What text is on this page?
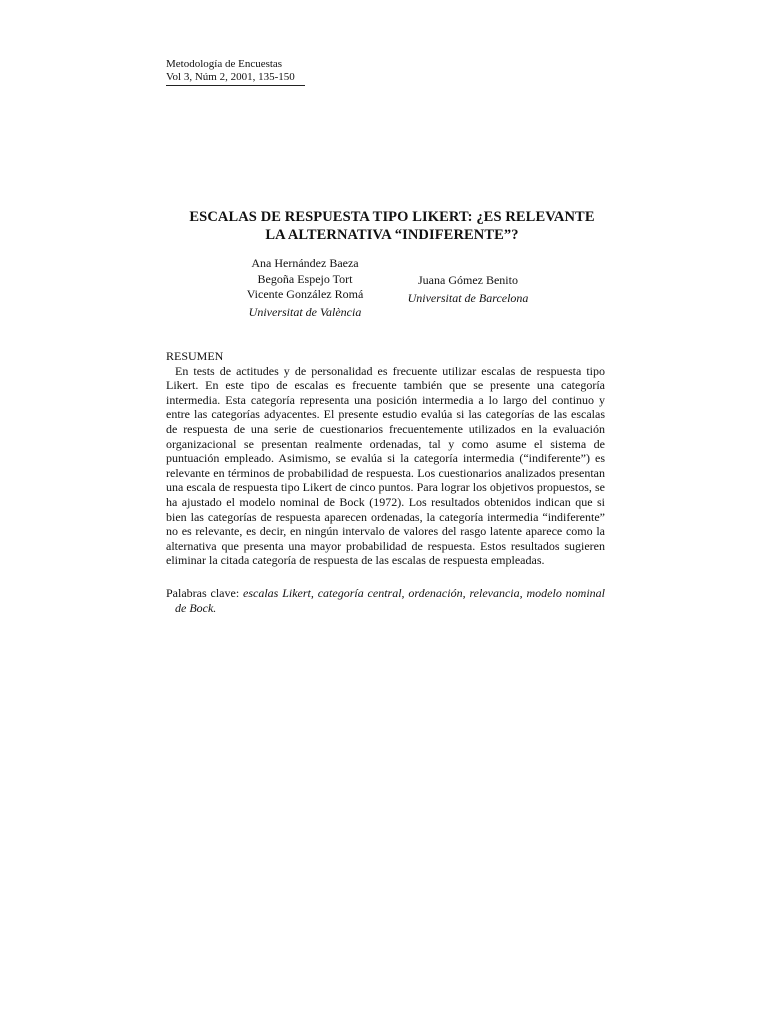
Metodología de Encuestas
Vol 3, Núm 2, 2001, 135-150
ESCALAS DE RESPUESTA TIPO LIKERT: ¿ES RELEVANTE
LA ALTERNATIVA “INDIFERENTE”?
Ana Hernández Baeza
Begoña Espejo Tort
Vicente González Romá
Universitat de València
Juana Gómez Benito
Universitat de Barcelona
RESUMEN

En tests de actitudes y de personalidad es frecuente utilizar escalas de respuesta tipo Likert. En este tipo de escalas es frecuente también que se presente una categoría intermedia. Esta categoría representa una posición intermedia a lo largo del continuo y entre las categorías adyacentes. El presente estudio evalúa si las categorías de las escalas de respuesta de una serie de cuestionarios frecuentemente utilizados en la evaluación organizacional se presentan realmente ordenadas, tal y como asume el sistema de puntuación empleado. Asimismo, se evalúa si la categoría intermedia (“indiferente”) es relevante en términos de probabilidad de respuesta. Los cuestionarios analizados presentan una escala de respuesta tipo Likert de cinco puntos. Para lograr los objetivos propuestos, se ha ajustado el modelo nominal de Bock (1972). Los resultados obtenidos indican que si bien las categorías de respuesta aparecen ordenadas, la categoría intermedia “indiferente” no es relevante, es decir, en ningún intervalo de valores del rasgo latente aparece como la alternativa que presenta una mayor probabilidad de respuesta. Estos resultados sugieren eliminar la citada categoría de respuesta de las escalas de respuesta empleadas.

Palabras clave: escalas Likert, categoría central, ordenación, relevancia, modelo nominal de Bock.
